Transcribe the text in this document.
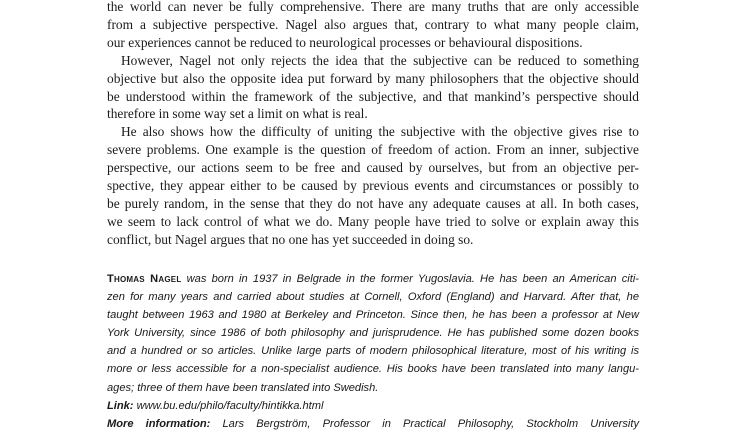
the world can never be fully comprehensive. There are many truths that are only accessible
from a subjective perspective. Nagel also argues that, contrary to what many people claim,
our experiences cannot be reduced to neurological processes or behavioural dispositions.
However, Nagel not only rejects the idea that the subjective can be reduced to something
objective but also the opposite idea put forward by many philosophers that the objective should
be understood within the framework of the subjective, and that mankind’s perspective should
therefore in some way set a limit on what is real.
He also shows how the difficulty of uniting the subjective with the objective gives rise to
severe problems. One example is the question of freedom of action. From an inner, subjective
perspective, our actions seem to be free and caused by ourselves, but from an objective per-
spective, they appear either to be caused by previous events and circumstances or possibly to
be purely random, in the sense that they do not have any adequate causes at all. In both cases,
we seem to lack control of what we do. Many people have tried to solve or explain away this
conflict, but Nagel argues that no one has yet succeeded in doing so.
Thomas Nagel was born in 1937 in Belgrade in the former Yugoslavia. He has been an American citi-
zen for many years and carried about studies at Cornell, Oxford (England) and Harvard. After that, he
taught between 1963 and 1980 at Berkeley and Princeton. Since then, he has been a professor at New
York University, since 1986 of both philosophy and jurisprudence. He has published some dozen books
and a hundred or so articles. Unlike large parts of modern philosophical literature, most of his writing is
more or less accessible for a non-specialist audience. His books have been translated into many langu-
ages; three of them have been translated into Swedish.
Link: www.bu.edu/philo/faculty/hintikka.html
More information: Lars Bergström, Professor in Practical Philosophy, Stockholm University
